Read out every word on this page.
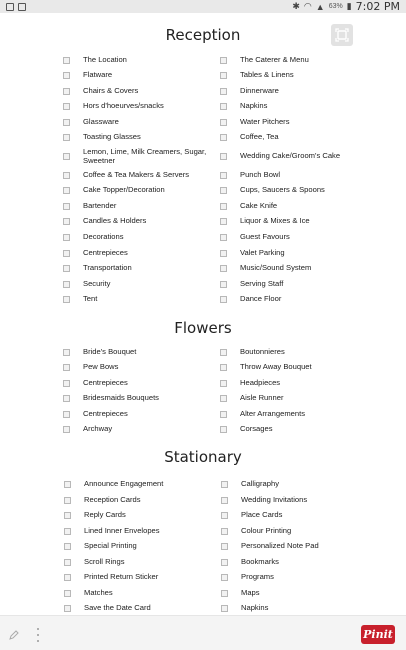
✱ ◠ ▲ 63% ▮ 7:02 PM
Reception
Flowers
Stationary
The Location
Flatware
Chairs & Covers
Hors d'hoeurves/snacks
Glassware
Toasting Glasses
Lemon, Lime, Milk Creamers, Sugar, Sweetner
Coffee & Tea Makers & Servers
Cake Topper/Decoration
Bartender
Candles & Holders
Decorations
Centrepieces
Transportation
Security
Tent
The Caterer & Menu
Tables & Linens
Dinnerware
Napkins
Water Pitchers
Coffee, Tea
Wedding Cake/Groom's Cake
Punch Bowl
Cups, Saucers & Spoons
Cake Knife
Liquor & Mixes & Ice
Guest Favours
Valet Parking
Music/Sound System
Serving Staff
Dance Floor
Bride's Bouquet
Pew Bows
Centrepieces
Bridesmaids Bouquets
Centrepieces
Archway
Boutonnieres
Throw Away Bouquet
Headpieces
Aisle Runner
Alter Arrangements
Corsages
Announce Engagement
Reception Cards
Reply Cards
Lined Inner Envelopes
Special Printing
Scroll Rings
Printed Return Sticker
Matches
Save the Date Card
Calligraphy
Wedding Invitations
Place Cards
Colour Printing
Personalized Note Pad
Bookmarks
Programs
Maps
Napkins
Pinit
